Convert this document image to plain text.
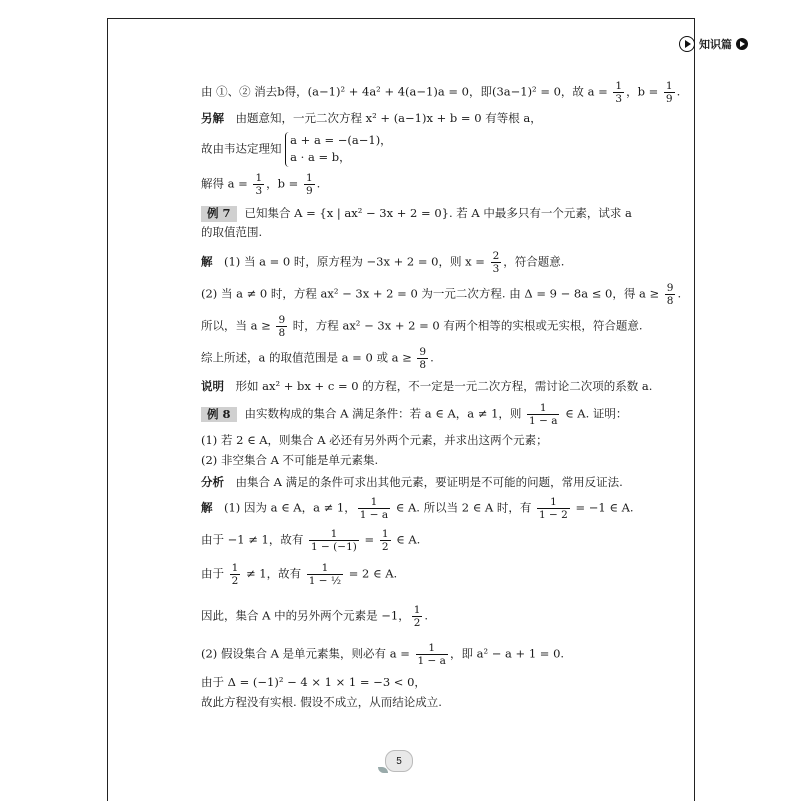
知识篇
由 ①、② 消去b得，(a−1)² + 4a² + 4(a−1)a = 0，即(3a−1)² = 0，故 $a = \frac{1}{3}$ ，$b = \frac{1}{9}$ .
另解　由题意知，一元二次方程 x² + (a−1)x + b = 0 有等根 a，
故由韦达定理知
a + a = −(a−1)，
a · a = b，
解得 $a = \frac{1}{3}$ ，$b = \frac{1}{9}$ .
例 7 已知集合 A = {x | ax² − 3x + 2 = 0}. 若 A 中最多只有一个元素，试求 a
的取值范围.
解　(1) 当 a = 0 时，原方程为 −3x + 2 = 0，则 $x = \frac{2}{3}$ ，符合题意.
(2) 当 a ≠ 0 时，方程 ax² − 3x + 2 = 0 为一元二次方程. 由 Δ = 9 − 8a ≤ 0，得 $a \ge \frac{9}{8}$ .
所以，当 $a \ge \frac{9}{8}$ 时，方程 ax² − 3x + 2 = 0 有两个相等的实根或无实根，符合题意.
综上所述，a 的取值范围是 a = 0 或 $a \ge \frac{9}{8}$ .
说明　形如 ax² + bx + c = 0 的方程，不一定是一元二次方程，需讨论二次项的系数 a.
例 8 由实数构成的集合 A 满足条件：若 a ∈ A，a ≠ 1，则 $\frac{1}{1 - a}$ ∈ A. 证明：
(1) 若 2 ∈ A，则集合 A 必还有另外两个元素，并求出这两个元素；
(2) 非空集合 A 不可能是单元素集.
分析　由集合 A 满足的条件可求出其他元素，要证明是不可能的问题，常用反证法.
解　(1) 因为 a ∈ A，a ≠ 1， $\frac{1}{1 - a}$ ∈ A. 所以当 2 ∈ A 时，有 $\frac{1}{1 - 2} = -1$ ∈ A.
由于 −1 ≠ 1，故有 $\frac{1}{1 - (-1)} = \frac{1}{2}$ ∈ A.
由于 $\frac{1}{2} \ne 1$，故有 $\frac{1}{\text{1 − ½}} = 2$ ∈ A.
因此，集合 A 中的另外两个元素是 −1， $\frac{1}{2}$ .
(2) 假设集合 A 是单元素集，则必有 $a = \frac{1}{1 - a}$ ，即 a² − a + 1 = 0.
由于 Δ = (−1)² − 4 × 1 × 1 = −3 < 0，
故此方程没有实根. 假设不成立，从而结论成立.
5
